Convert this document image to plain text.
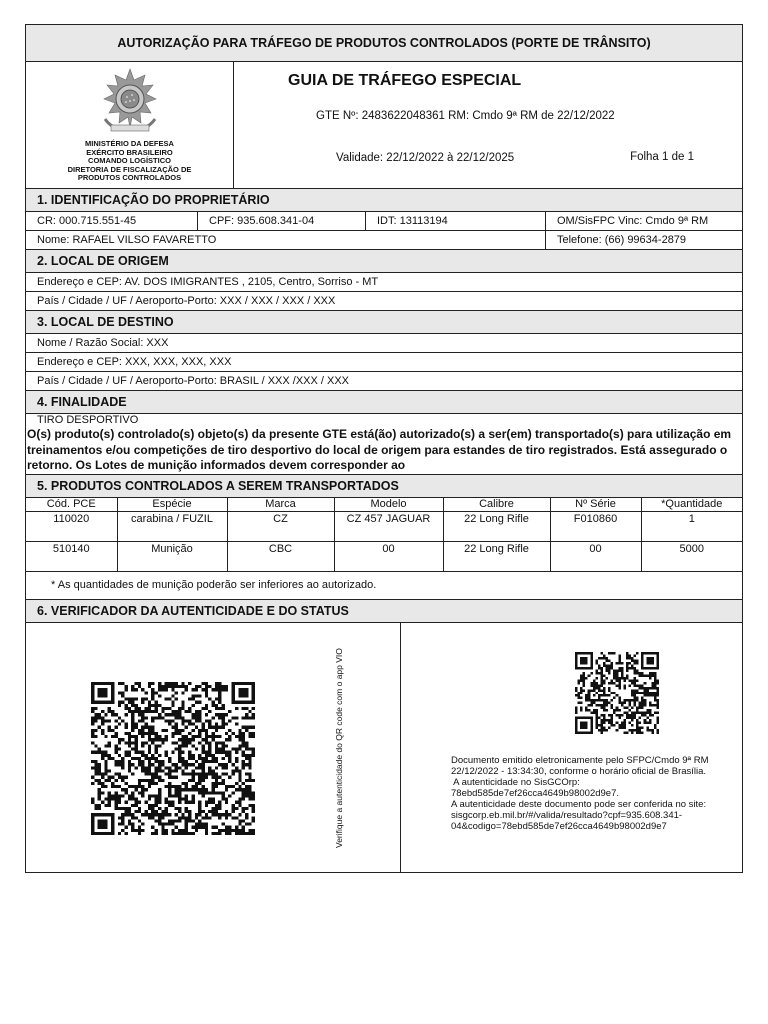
AUTORIZAÇÃO PARA TRÁFEGO DE PRODUTOS CONTROLADOS (PORTE DE TRÂNSITO)
MINISTÉRIO DA DEFESA
EXÉRCITO BRASILEIRO
COMANDO LOGÍSTICO
DIRETORIA DE FISCALIZAÇÃO DE
PRODUTOS CONTROLADOS
GUIA DE TRÁFEGO ESPECIAL
GTE Nº: 2483622048361 RM: Cmdo 9ª RM de 22/12/2022
Validade: 22/12/2022 à 22/12/2025	Folha 1 de 1
1. IDENTIFICAÇÃO DO PROPRIETÁRIO
CR: 000.715.551-45	CPF: 935.608.341-04	IDT: 13113194	OM/SisFPC Vinc: Cmdo 9ª RM
Nome: RAFAEL VILSO FAVARETTO	Telefone: (66) 99634-2879
2. LOCAL DE ORIGEM
Endereço e CEP: AV. DOS IMIGRANTES , 2105, Centro, Sorriso - MT
País / Cidade / UF / Aeroporto-Porto: XXX / XXX / XXX / XXX
3. LOCAL DE DESTINO
Nome / Razão Social: XXX
Endereço e CEP: XXX, XXX, XXX, XXX
País / Cidade / UF / Aeroporto-Porto: BRASIL / XXX /XXX / XXX
4. FINALIDADE
TIRO DESPORTIVO
O(s) produto(s) controlado(s) objeto(s) da presente GTE está(ão) autorizado(s) a ser(em) transportado(s) para utilização em treinamentos e/ou competições de tiro desportivo do local de origem para estandes de tiro registrados. Está assegurado o retorno. Os Lotes de munição informados devem corresponder ao
5. PRODUTOS CONTROLADOS A SEREM TRANSPORTADOS
Cód. PCE	Espécie	Marca	Modelo	Calibre	Nº Série	*Quantidade
110020	carabina / FUZIL	CZ	CZ 457 JAGUAR	22 Long Rifle	F010860	1
510140	Munição	CBC	00	22 Long Rifle	00	5000
* As quantidades de munição poderão ser inferiores ao autorizado.
6. VERIFICADOR DA AUTENTICIDADE E DO STATUS
Verifique a autenticidade do QR code com o app VIO	Documento emitido eletronicamente pelo SFPC/Cmdo 9ª RM
22/12/2022 - 13:34:30, conforme o horário oficial de Brasília.
A autenticidade no SisGCOrp:
78ebd585de7ef26cca4649b98002d9e7.
A autenticidade deste documento pode ser conferida no site:
sisgcorp.eb.mil.br/#/valida/resultado?cpf=935.608.341-
04&codigo=78ebd585de7ef26cca4649b98002d9e7
